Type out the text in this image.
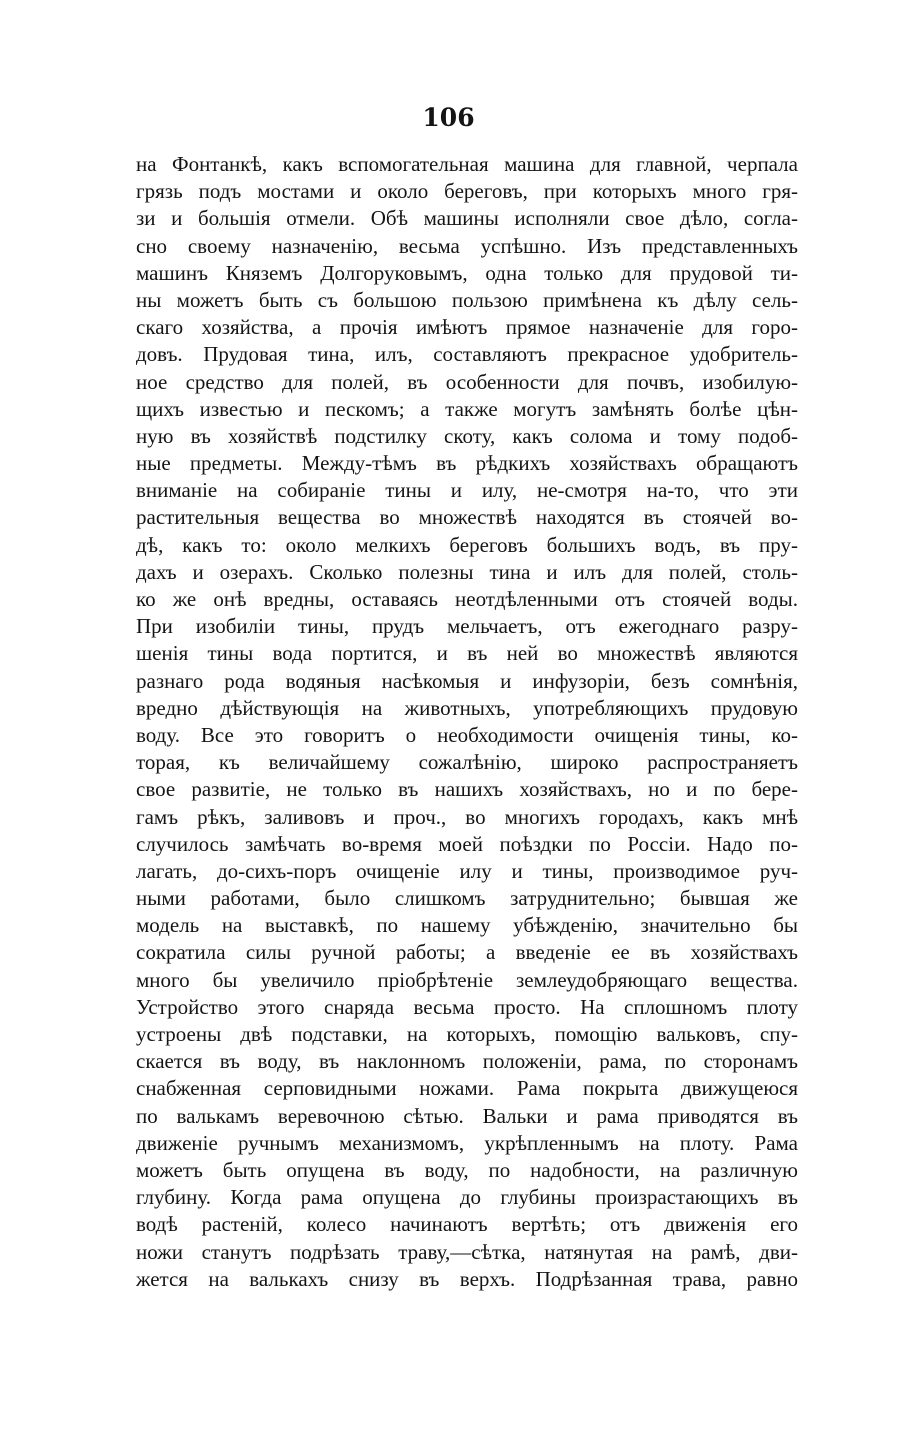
106
на Фонтанкѣ, какъ вспомогательная машина для главной, черпала
грязь подъ мостами и около береговъ, при которыхъ много гря-
зи и большія отмели. Обѣ машины исполняли свое дѣло, согла-
сно своему назначенію, весьма успѣшно. Изъ представленныхъ
машинъ Княземъ Долгоруковымъ, одна только для прудовой ти-
ны можетъ быть съ большою пользою примѣнена къ дѣлу сель-
скаго хозяйства, а прочія имѣютъ прямое назначеніе для горо-
довъ. Прудовая тина, илъ, составляютъ прекрасное удобритель-
ное средство для полей, въ особенности для почвъ, изобилую-
щихъ известью и пескомъ; а также могутъ замѣнять болѣе цѣн-
ную въ хозяйствѣ подстилку скоту, какъ солома и тому подоб-
ные предметы. Между-тѣмъ въ рѣдкихъ хозяйствахъ обращаютъ
вниманіе на собираніе тины и илу, не-смотря на-то, что эти
растительныя вещества во множествѣ находятся въ стоячей во-
дѣ, какъ то: около мелкихъ береговъ большихъ водъ, въ пру-
дахъ и озерахъ. Сколько полезны тина и илъ для полей, столь-
ко же онѣ вредны, оставаясь неотдѣленными отъ стоячей воды.
При изобиліи тины, прудъ мельчаетъ, отъ ежегоднаго разру-
шенія тины вода портится, и въ ней во множествѣ являются
разнаго рода водяныя насѣкомыя и инфузоріи, безъ сомнѣнія,
вредно дѣйствующія на животныхъ, употребляющихъ прудовую
воду. Все это говоритъ о необходимости очищенія тины, ко-
торая, къ величайшему сожалѣнію, широко распространяетъ
свое развитіе, не только въ нашихъ хозяйствахъ, но и по бере-
гамъ рѣкъ, заливовъ и проч., во многихъ городахъ, какъ мнѣ
случилось замѣчать во-время моей поѣздки по Россіи. Надо по-
лагать, до-сихъ-поръ очищеніе илу и тины, производимое руч-
ными работами, было слишкомъ затруднительно; бывшая же
модель на выставкѣ, по нашему убѣжденію, значительно бы
сократила силы ручной работы; а введеніе ее въ хозяйствахъ
много бы увеличило пріобрѣтеніе землеудобряющаго вещества.
Устройство этого снаряда весьма просто. На сплошномъ плоту
устроены двѣ подставки, на которыхъ, помощію вальковъ, спу-
скается въ воду, въ наклонномъ положеніи, рама, по сторонамъ
снабженная серповидными ножами. Рама покрыта движущеюся
по валькамъ веревочною сѣтью. Вальки и рама приводятся въ
движеніе ручнымъ механизмомъ, укрѣпленнымъ на плоту. Рама
можетъ быть опущена въ воду, по надобности, на различную
глубину. Когда рама опущена до глубины произрастающихъ въ
водѣ растеній, колесо начинаютъ вертѣть; отъ движенія его
ножи станутъ подрѣзать траву,—сѣтка, натянутая на рамѣ, дви-
жется на валькахъ снизу въ верхъ. Подрѣзанная трава, равно
